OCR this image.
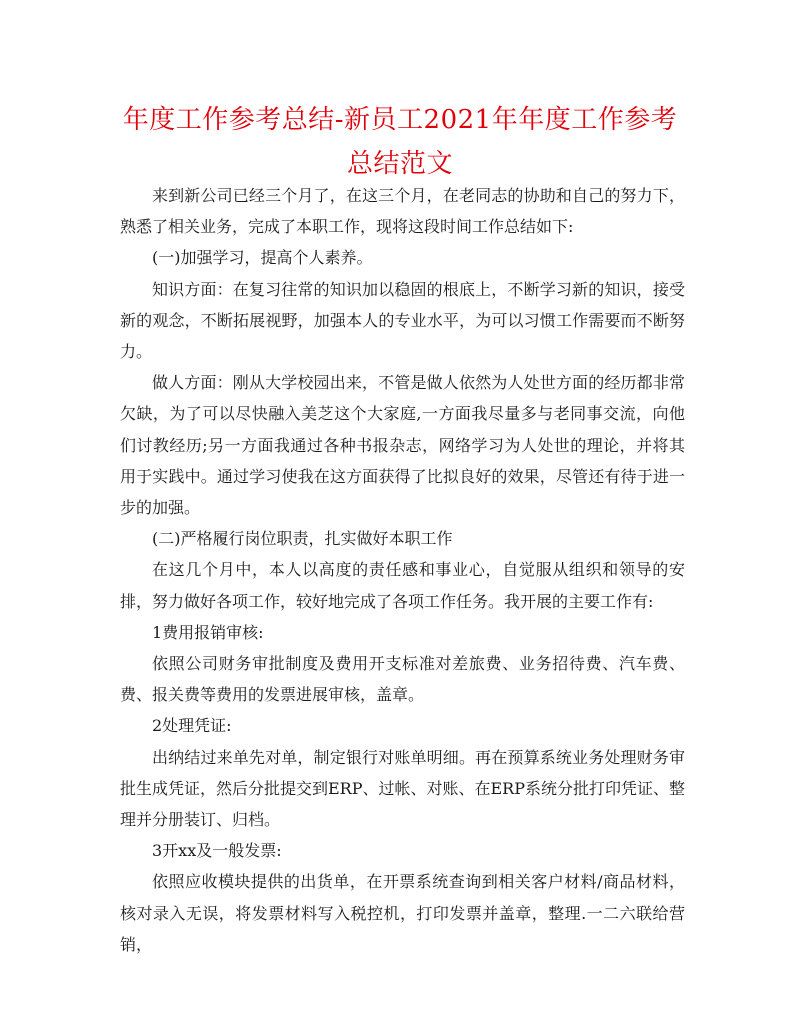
年度工作参考总结-新员工2021年年度工作参考总结范文

来到新公司已经三个月了，在这三个月，在老同志的协助和自己的努力下，熟悉了相关业务，完成了本职工作，现将这段时间工作总结如下:

(一)加强学习，提高个人素养。

知识方面：在复习往常的知识加以稳固的根底上，不断学习新的知识，接受新的观念，不断拓展视野，加强本人的专业水平，为可以习惯工作需要而不断努力。

做人方面：刚从大学校园出来，不管是做人依然为人处世方面的经历都非常欠缺，为了可以尽快融入美芝这个大家庭,一方面我尽量多与老同事交流，向他们讨教经历;另一方面我通过各种书报杂志，网络学习为人处世的理论，并将其用于实践中。通过学习使我在这方面获得了比拟良好的效果，尽管还有待于进一步的加强。

(二)严格履行岗位职责，扎实做好本职工作

在这几个月中，本人以高度的责任感和事业心，自觉服从组织和领导的安排，努力做好各项工作，较好地完成了各项工作任务。我开展的主要工作有:

1费用报销审核:

依照公司财务审批制度及费用开支标准对差旅费、业务招待费、汽车费、费、报关费等费用的发票进展审核，盖章。

2处理凭证:

出纳结过来单先对单，制定银行对账单明细。再在预算系统业务处理财务审批生成凭证，然后分批提交到ERP、过帐、对账、在ERP系统分批打印凭证、整理并分册装订、归档。

3开xx及一般发票:

依照应收模块提供的出货单，在开票系统查询到相关客户材料/商品材料，核对录入无误，将发票材料写入税控机，打印发票并盖章，整理.一二六联给营销，
